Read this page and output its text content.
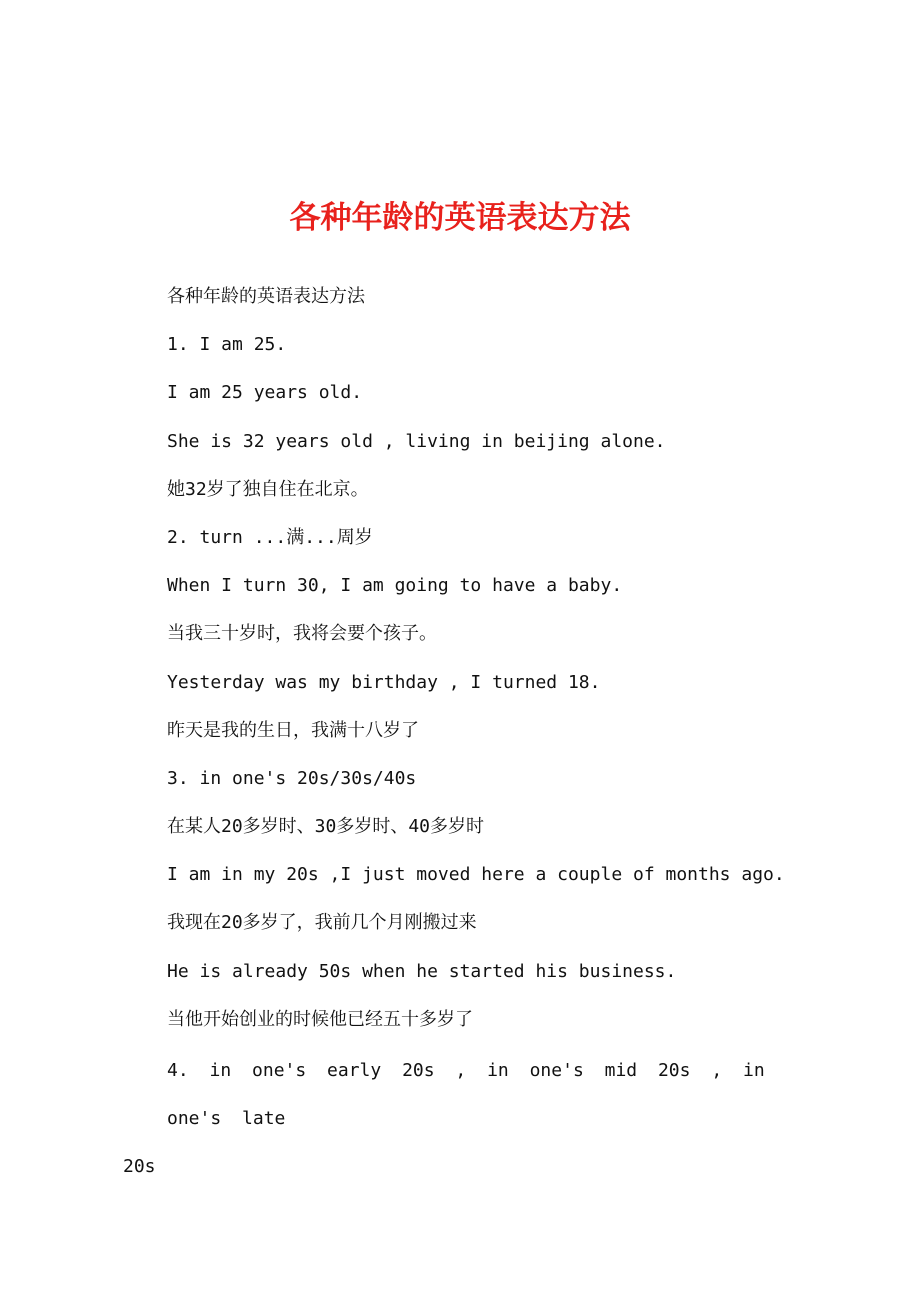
各种年龄的英语表达方法
各种年龄的英语表达方法
1. I am 25.
I am 25 years old.
She is 32 years old , living in beijing alone.
她32岁了独自住在北京。
2. turn ...满...周岁
When I turn 30, I am going to have a baby.
当我三十岁时，我将会要个孩子。
Yesterday was my birthday , I turned 18.
昨天是我的生日，我满十八岁了
3. in one's 20s/30s/40s
在某人20多岁时、30多岁时、40多岁时
I am in my 20s ,I just moved here a couple of months ago.
我现在20多岁了，我前几个月刚搬过来
He is already 50s when he started his business.
当他开始创业的时候他已经五十多岁了
4. in one's early 20s , in one's mid 20s , in one's late
20s
